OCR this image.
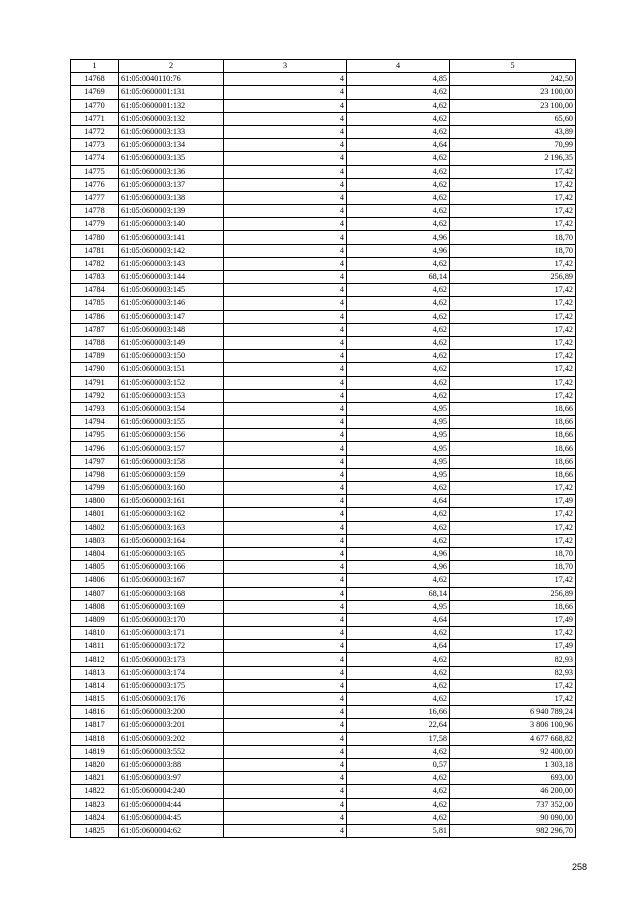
1	2	3	4	5
14768	61:05:0040110:76	4	4,85	242,50
14769	61:05:0600001:131	4	4,62	23 100,00
14770	61:05:0600001:132	4	4,62	23 100,00
14771	61:05:0600003:132	4	4,62	65,60
14772	61:05:0600003:133	4	4,62	43,89
14773	61:05:0600003:134	4	4,64	70,99
14774	61:05:0600003:135	4	4,62	2 196,35
14775	61:05:0600003:136	4	4,62	17,42
14776	61:05:0600003:137	4	4,62	17,42
14777	61:05:0600003:138	4	4,62	17,42
14778	61:05:0600003:139	4	4,62	17,42
14779	61:05:0600003:140	4	4,62	17,42
14780	61:05:0600003:141	4	4,96	18,70
14781	61:05:0600003:142	4	4,96	18,70
14782	61:05:0600003:143	4	4,62	17,42
14783	61:05:0600003:144	4	68,14	256,89
14784	61:05:0600003:145	4	4,62	17,42
14785	61:05:0600003:146	4	4,62	17,42
14786	61:05:0600003:147	4	4,62	17,42
14787	61:05:0600003:148	4	4,62	17,42
14788	61:05:0600003:149	4	4,62	17,42
14789	61:05:0600003:150	4	4,62	17,42
14790	61:05:0600003:151	4	4,62	17,42
14791	61:05:0600003:152	4	4,62	17,42
14792	61:05:0600003:153	4	4,62	17,42
14793	61:05:0600003:154	4	4,95	18,66
14794	61:05:0600003:155	4	4,95	18,66
14795	61:05:0600003:156	4	4,95	18,66
14796	61:05:0600003:157	4	4,95	18,66
14797	61:05:0600003:158	4	4,95	18,66
14798	61:05:0600003:159	4	4,95	18,66
14799	61:05:0600003:160	4	4,62	17,42
14800	61:05:0600003:161	4	4,64	17,49
14801	61:05:0600003:162	4	4,62	17,42
14802	61:05:0600003:163	4	4,62	17,42
14803	61:05:0600003:164	4	4,62	17,42
14804	61:05:0600003:165	4	4,96	18,70
14805	61:05:0600003:166	4	4,96	18,70
14806	61:05:0600003:167	4	4,62	17,42
14807	61:05:0600003:168	4	68,14	256,89
14808	61:05:0600003:169	4	4,95	18,66
14809	61:05:0600003:170	4	4,64	17,49
14810	61:05:0600003:171	4	4,62	17,42
14811	61:05:0600003:172	4	4,64	17,49
14812	61:05:0600003:173	4	4,62	82,93
14813	61:05:0600003:174	4	4,62	82,93
14814	61:05:0600003:175	4	4,62	17,42
14815	61:05:0600003:176	4	4,62	17,42
14816	61:05:0600003:200	4	16,66	6 940 789,24
14817	61:05:0600003:201	4	22,64	3 806 100,96
14818	61:05:0600003:202	4	17,58	4 677 668,82
14819	61:05:0600003:552	4	4,62	92 400,00
14820	61:05:0600003:88	4	0,57	1 303,18
14821	61:05:0600003:97	4	4,62	693,00
14822	61:05:0600004:240	4	4,62	46 200,00
14823	61:05:0600004:44	4	4,62	737 352,00
14824	61:05:0600004:45	4	4,62	90 090,00
14825	61:05:0600004:62	4	5,81	982 296,70
258
